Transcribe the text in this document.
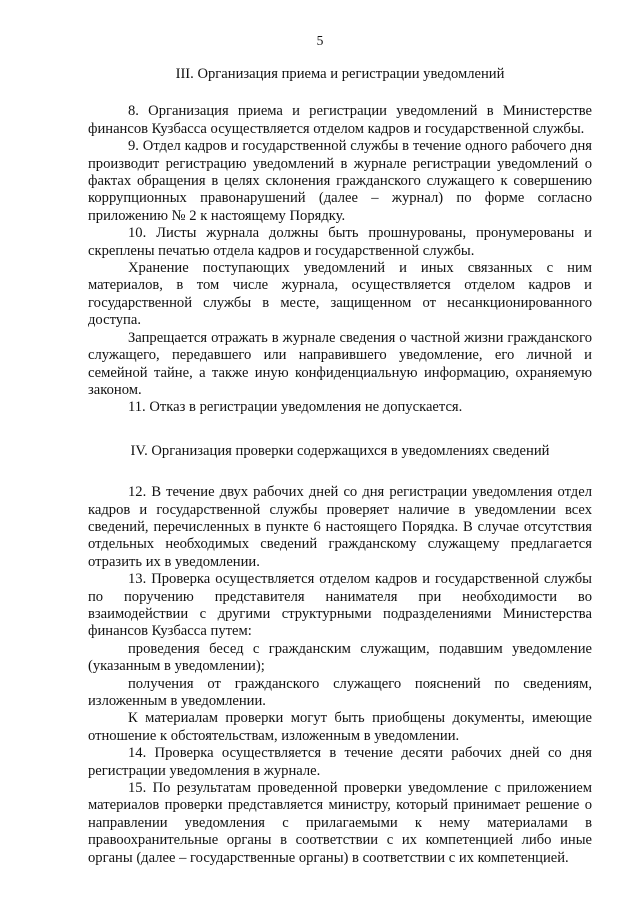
5

III. Организация приема и регистрации уведомлений

8. Организация приема и регистрации уведомлений в Министерстве финансов Кузбасса осуществляется отделом кадров и государственной службы.

9. Отдел кадров и государственной службы в течение одного рабочего дня производит регистрацию уведомлений в журнале регистрации уведомлений о фактах обращения в целях склонения гражданского служащего к совершению коррупционных правонарушений (далее – журнал) по форме согласно приложению № 2 к настоящему Порядку.

10. Листы журнала должны быть прошнурованы, пронумерованы и скреплены печатью отдела кадров и государственной службы.

Хранение поступающих уведомлений и иных связанных с ним материалов, в том числе журнала, осуществляется отделом кадров и государственной службы в месте, защищенном от несанкционированного доступа.

Запрещается отражать в журнале сведения о частной жизни гражданского служащего, передавшего или направившего уведомление, его личной и семейной тайне, а также иную конфиденциальную информацию, охраняемую законом.

11. Отказ в регистрации уведомления не допускается.

IV. Организация проверки содержащихся в уведомлениях сведений

12. В течение двух рабочих дней со дня регистрации уведомления отдел кадров и государственной службы проверяет наличие в уведомлении всех сведений, перечисленных в пункте 6 настоящего Порядка. В случае отсутствия отдельных необходимых сведений гражданскому служащему предлагается отразить их в уведомлении.

13. Проверка осуществляется отделом кадров и государственной службы по поручению представителя нанимателя при необходимости во взаимодействии с другими структурными подразделениями Министерства финансов Кузбасса путем:

проведения бесед с гражданским служащим, подавшим уведомление (указанным в уведомлении);

получения от гражданского служащего пояснений по сведениям, изложенным в уведомлении.

К материалам проверки могут быть приобщены документы, имеющие отношение к обстоятельствам, изложенным в уведомлении.

14. Проверка осуществляется в течение десяти рабочих дней со дня регистрации уведомления в журнале.

15. По результатам проведенной проверки уведомление с приложением материалов проверки представляется министру, который принимает решение о направлении уведомления с прилагаемыми к нему материалами в правоохранительные органы в соответствии с их компетенцией либо иные органы (далее – государственные органы) в соответствии с их компетенцией.
